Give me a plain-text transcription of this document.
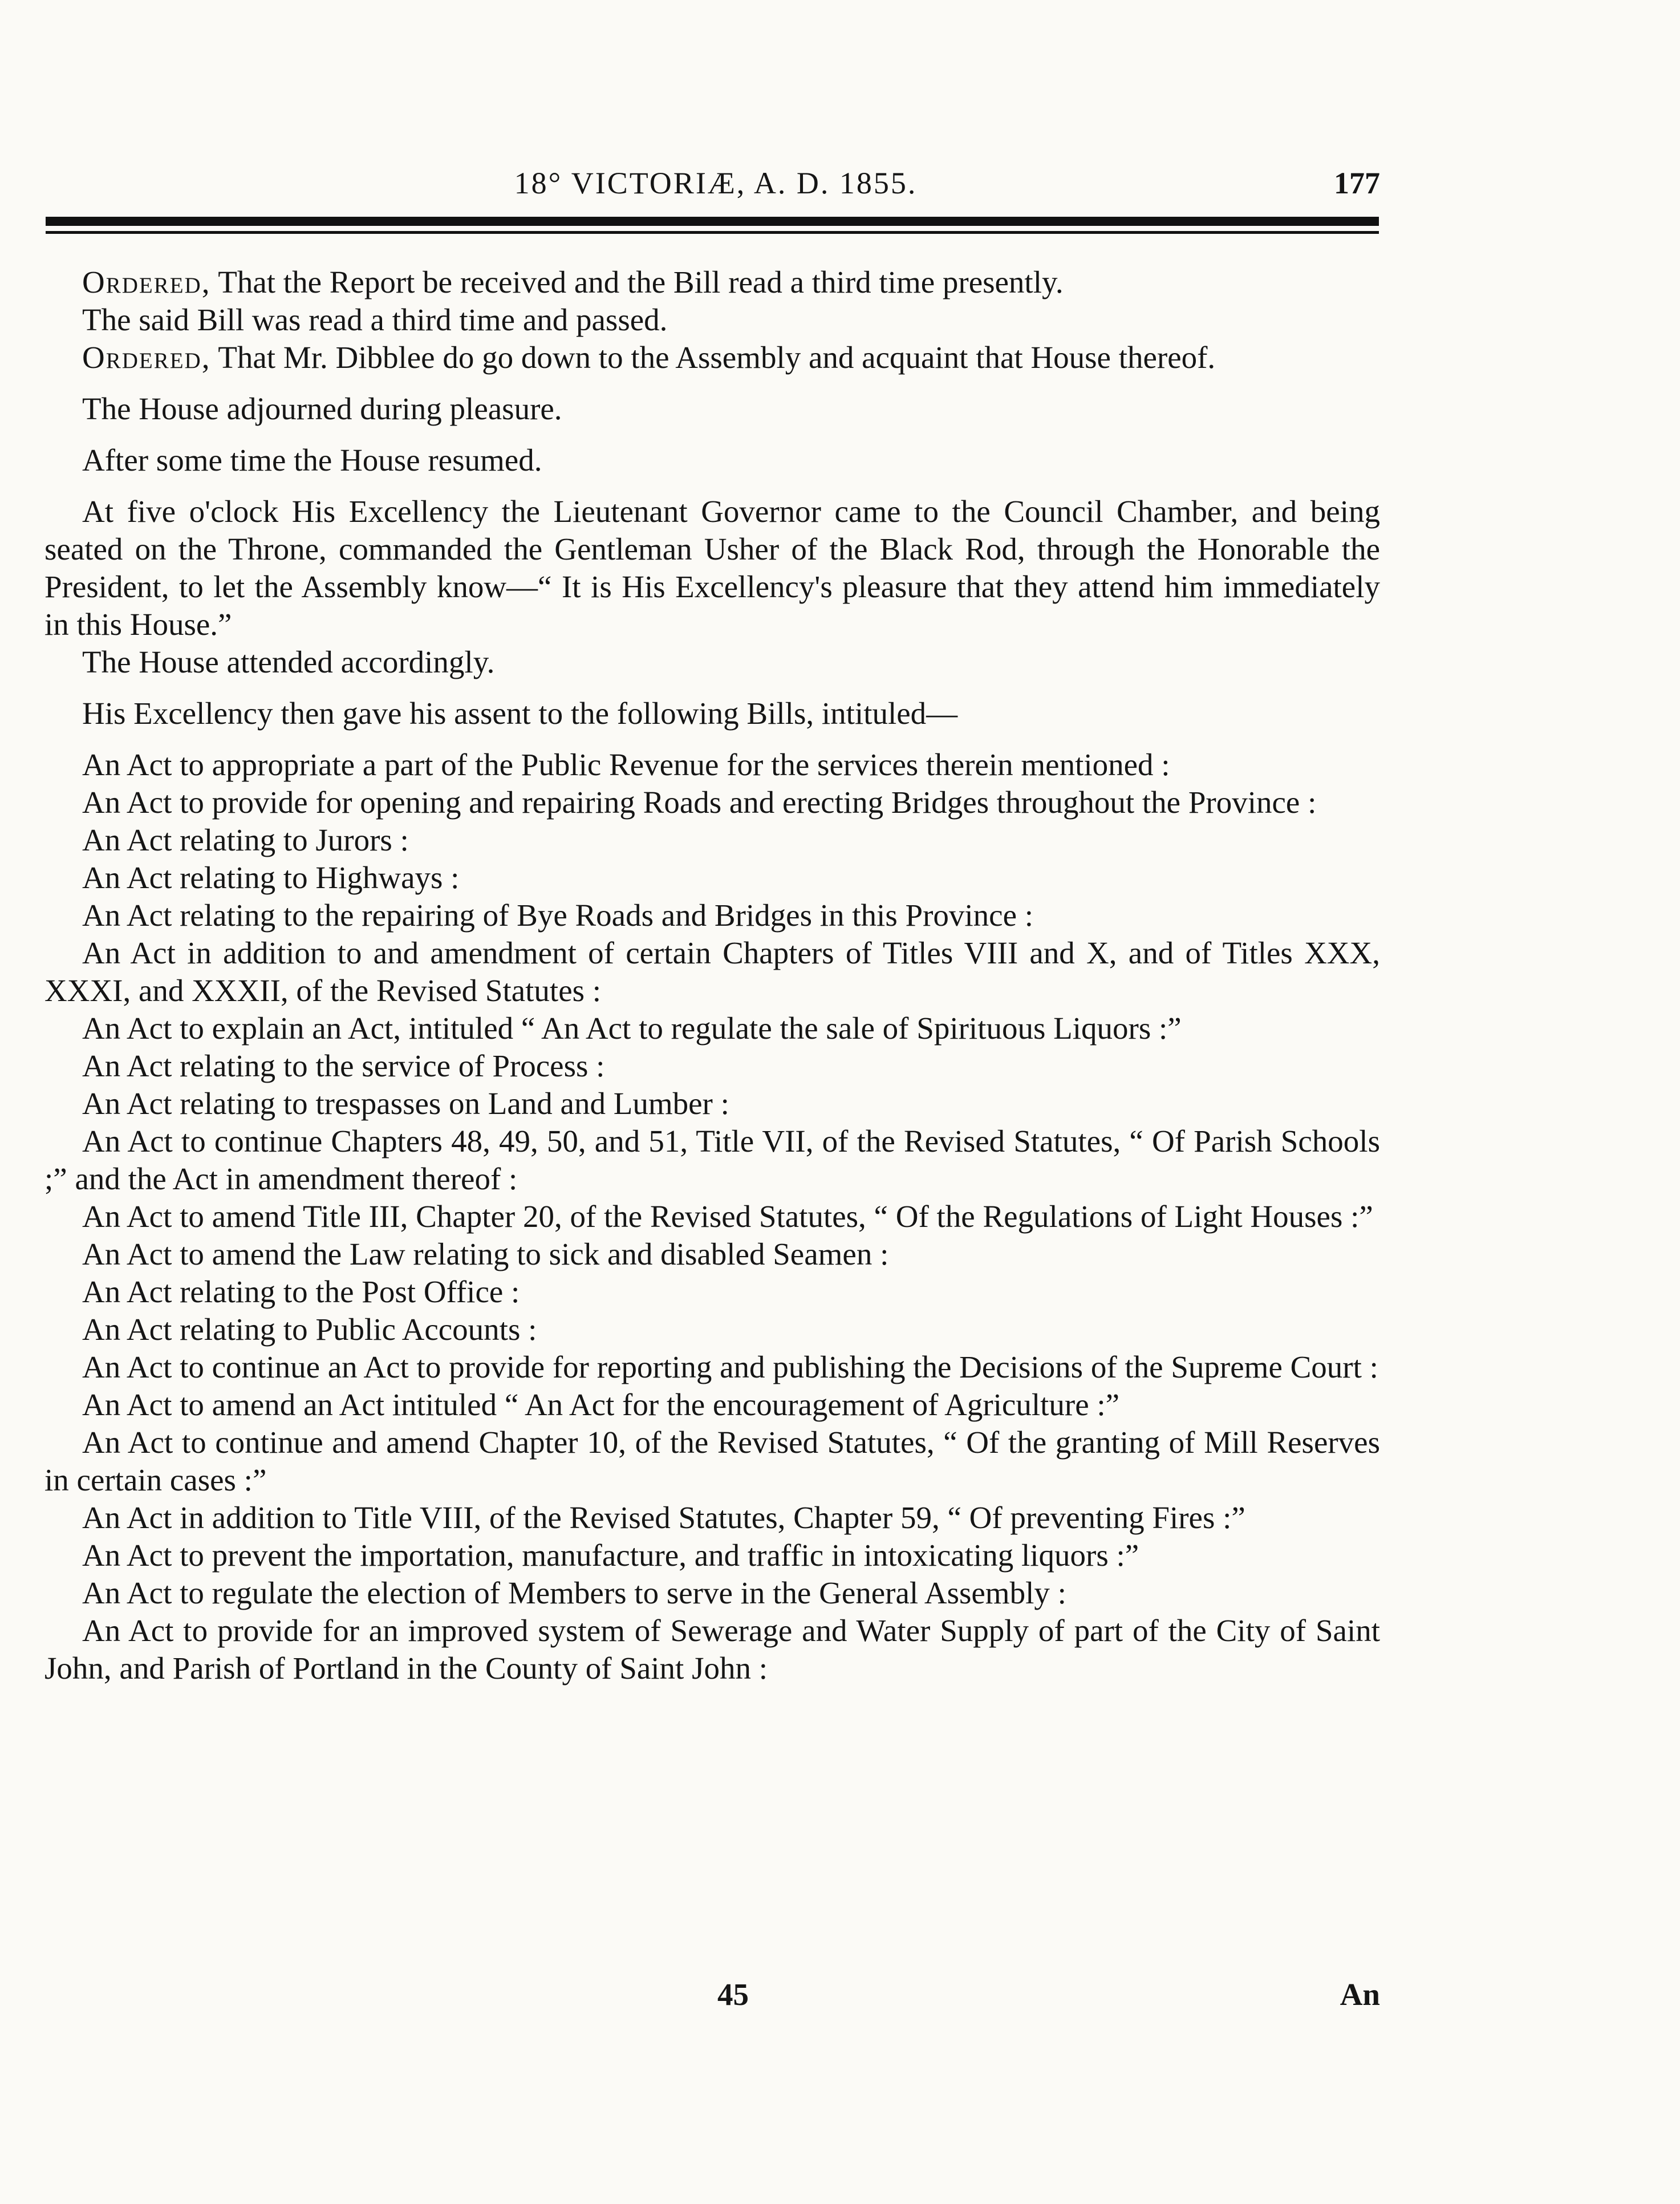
18° VICTORIÆ, A. D. 1855.	177

Ordered, That the Report be received and the Bill read a third time presently.

The said Bill was read a third time and passed.

Ordered, That Mr. Dibblee do go down to the Assembly and acquaint that House thereof.

The House adjourned during pleasure.

After some time the House resumed.

At five o'clock His Excellency the Lieutenant Governor came to the Council Chamber, and being seated on the Throne, commanded the Gentleman Usher of the Black Rod, through the Honorable the President, to let the Assembly know—“ It is His Excellency's pleasure that they attend him immediately in this House.”

The House attended accordingly.

His Excellency then gave his assent to the following Bills, intituled—

An Act to appropriate a part of the Public Revenue for the services therein mentioned :

An Act to provide for opening and repairing Roads and erecting Bridges throughout the Province :

An Act relating to Jurors :

An Act relating to Highways :

An Act relating to the repairing of Bye Roads and Bridges in this Province :

An Act in addition to and amendment of certain Chapters of Titles VIII and X, and of Titles XXX, XXXI, and XXXII, of the Revised Statutes :

An Act to explain an Act, intituled “ An Act to regulate the sale of Spirituous Liquors :”

An Act relating to the service of Process :

An Act relating to trespasses on Land and Lumber :

An Act to continue Chapters 48, 49, 50, and 51, Title VII, of the Revised Statutes, “ Of Parish Schools ;” and the Act in amendment thereof :

An Act to amend Title III, Chapter 20, of the Revised Statutes, “ Of the Regulations of Light Houses :”

An Act to amend the Law relating to sick and disabled Seamen :

An Act relating to the Post Office :

An Act relating to Public Accounts :

An Act to continue an Act to provide for reporting and publishing the Decisions of the Supreme Court :

An Act to amend an Act intituled “ An Act for the encouragement of Agriculture :”

An Act to continue and amend Chapter 10, of the Revised Statutes, “ Of the granting of Mill Reserves in certain cases :”

An Act in addition to Title VIII, of the Revised Statutes, Chapter 59, “ Of preventing Fires :”

An Act to prevent the importation, manufacture, and traffic in intoxicating liquors :”

An Act to regulate the election of Members to serve in the General Assembly :

An Act to provide for an improved system of Sewerage and Water Supply of part of the City of Saint John, and Parish of Portland in the County of Saint John :

45	An
